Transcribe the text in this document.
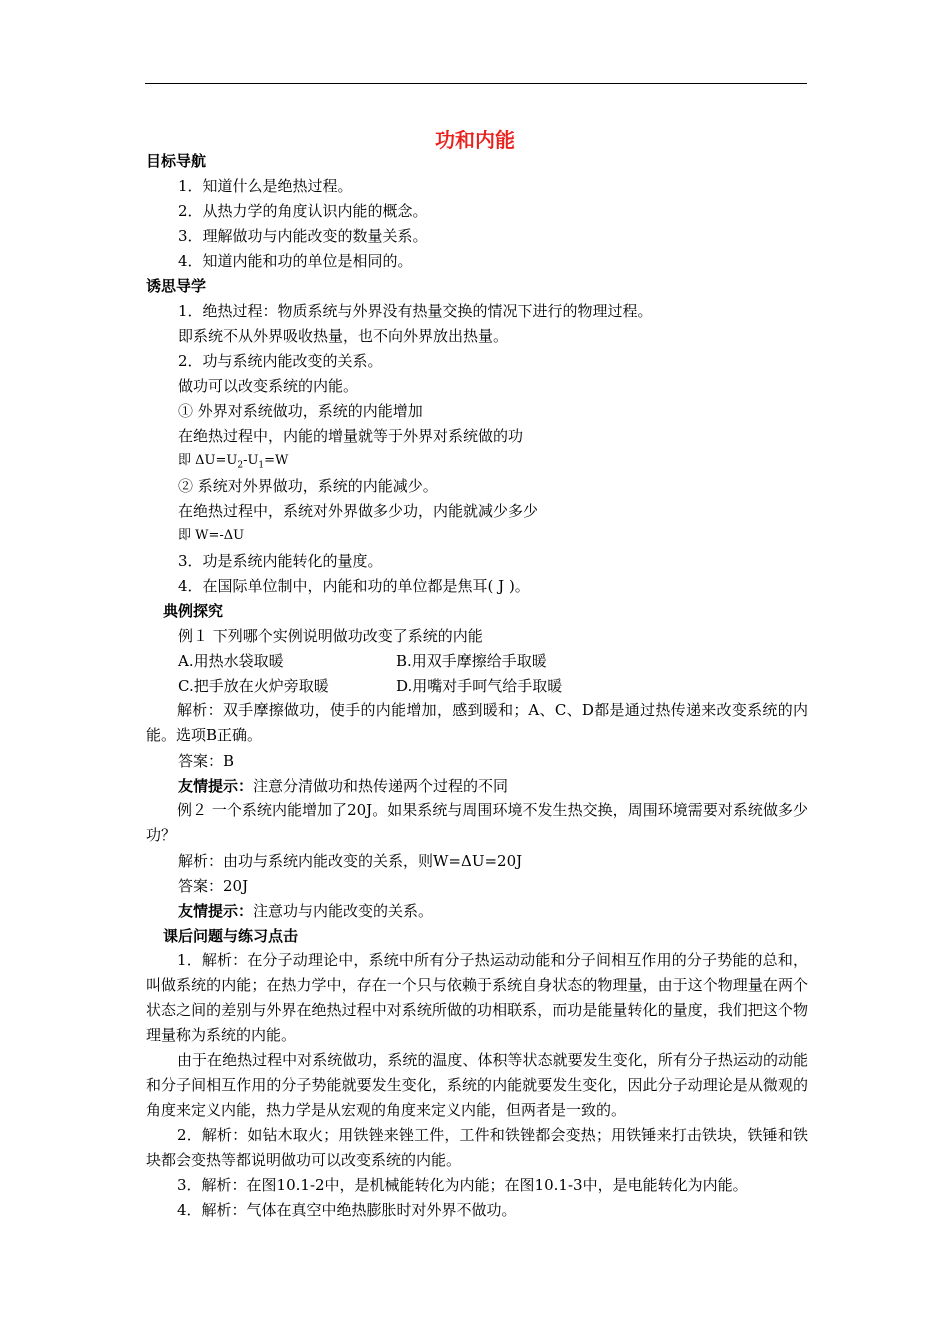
功和内能
目标导航
1．知道什么是绝热过程。
2．从热力学的角度认识内能的概念。
3．理解做功与内能改变的数量关系。
4．知道内能和功的单位是相同的。
诱思导学
1．绝热过程：物质系统与外界没有热量交换的情况下进行的物理过程。
即系统不从外界吸收热量，也不向外界放出热量。
2．功与系统内能改变的关系。
做功可以改变系统的内能。
① 外界对系统做功，系统的内能增加
在绝热过程中，内能的增量就等于外界对系统做的功
即 $\Delta U=U_2-U_1=W$
② 系统对外界做功，系统的内能减少。
在绝热过程中，系统对外界做多少功，内能就减少多少
即 W=-ΔU
3．功是系统内能转化的量度。
4．在国际单位制中，内能和功的单位都是焦耳( J )。
典例探究
例１ 下列哪个实例说明做功改变了系统的内能
A.用热水袋取暖	B.用双手摩擦给手取暖
C.把手放在火炉旁取暖	D.用嘴对手呵气给手取暖

解析：双手摩擦做功，使手的内能增加，感到暖和；A、C、D都是通过热传递来改变系统的内能。选项B正确。

答案：B
友情提示：注意分清做功和热传递两个过程的不同

例２ 一个系统内能增加了20J。如果系统与周围环境不发生热交换，周围环境需要对系统做多少功？

解析：由功与系统内能改变的关系，则W=ΔU=20J
答案：20J
友情提示：注意功与内能改变的关系。
课后问题与练习点击

1．解析：在分子动理论中，系统中所有分子热运动动能和分子间相互作用的分子势能的总和，叫做系统的内能；在热力学中，存在一个只与依赖于系统自身状态的物理量，由于这个物理量在两个状态之间的差别与外界在绝热过程中对系统所做的功相联系，而功是能量转化的量度，我们把这个物理量称为系统的内能。

由于在绝热过程中对系统做功，系统的温度、体积等状态就要发生变化，所有分子热运动的动能和分子间相互作用的分子势能就要发生变化，系统的内能就要发生变化，因此分子动理论是从微观的角度来定义内能，热力学是从宏观的角度来定义内能，但两者是一致的。

2．解析：如钻木取火；用铁锉来锉工件，工件和铁锉都会变热；用铁锤来打击铁块，铁锤和铁块都会变热等都说明做功可以改变系统的内能。

3．解析：在图10.1-2中，是机械能转化为内能；在图10.1-3中，是电能转化为内能。

4．解析：气体在真空中绝热膨胀时对外界不做功。
